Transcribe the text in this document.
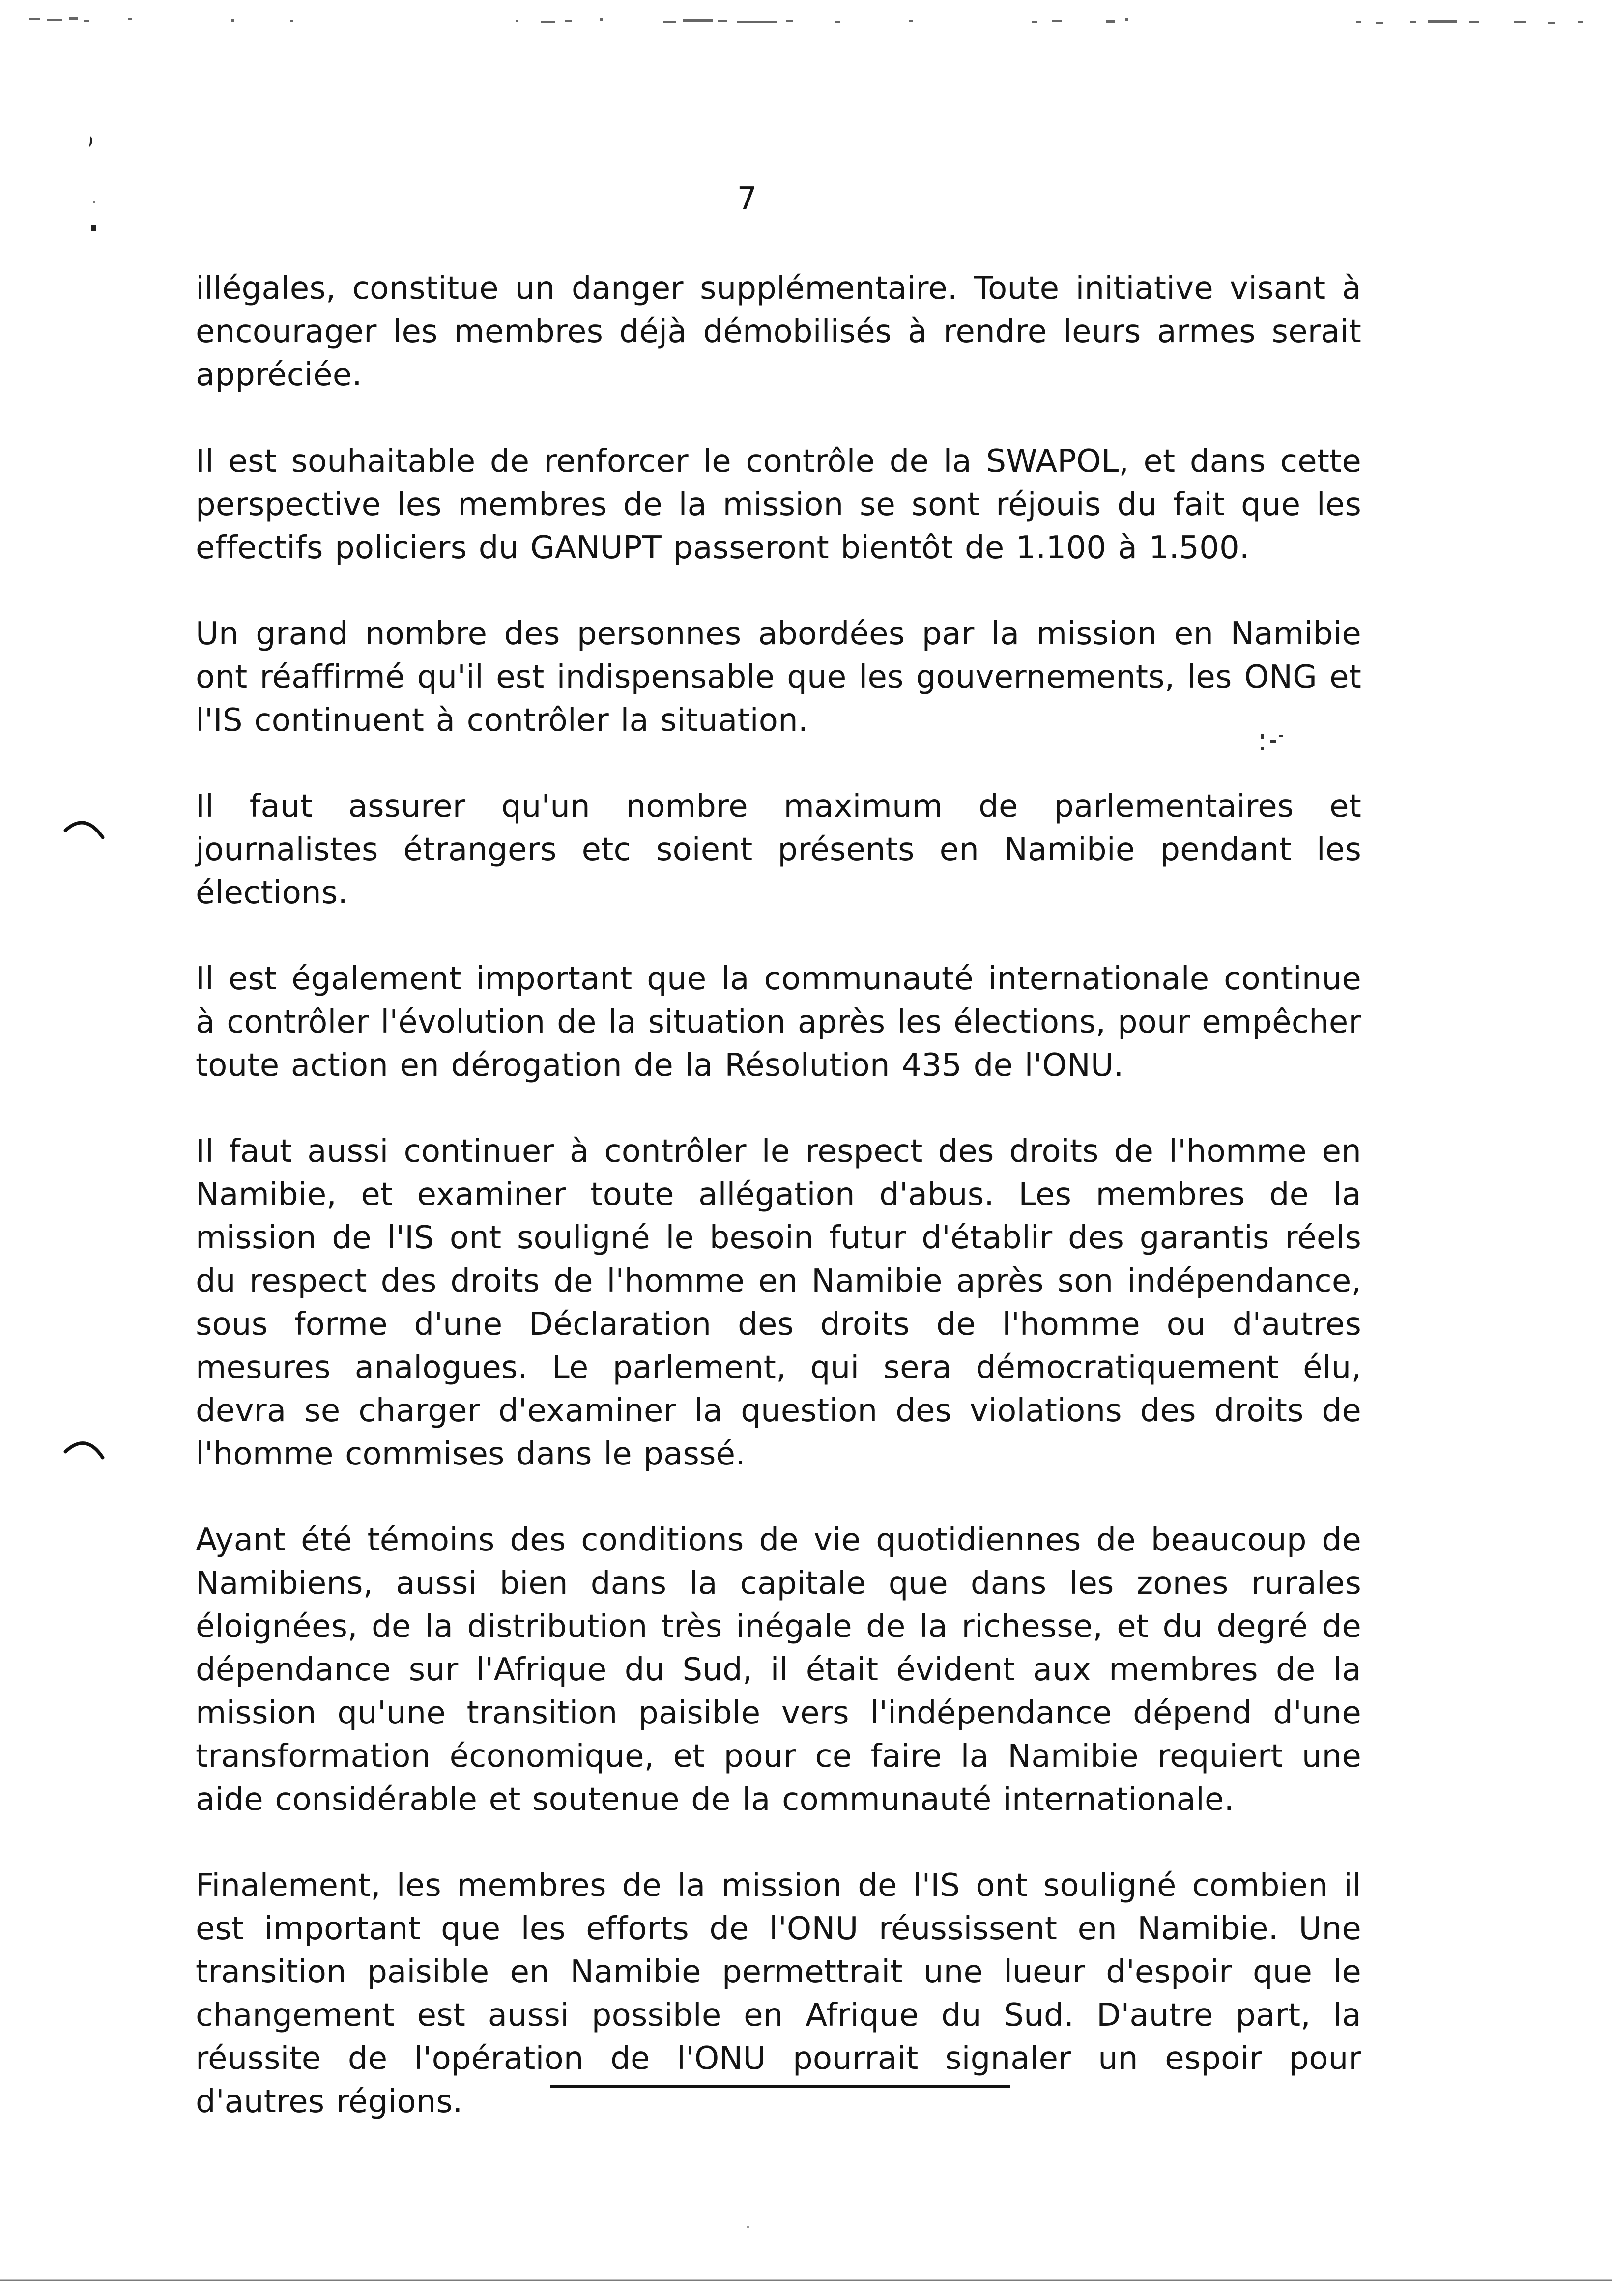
7

illégales, constitue un danger supplémentaire. Toute initiative visant à encourager les membres déjà démobilisés à rendre leurs armes serait appréciée.

Il est souhaitable de renforcer le contrôle de la SWAPOL, et dans cette perspective les membres de la mission se sont réjouis du fait que les effectifs policiers du GANUPT passeront bientôt de 1.100 à 1.500.

Un grand nombre des personnes abordées par la mission en Namibie ont réaffirmé qu'il est indispensable que les gouvernements, les ONG et l'IS continuent à contrôler la situation.

Il faut assurer qu'un nombre maximum de parlementaires et journalistes étrangers etc soient présents en Namibie pendant les élections.

Il est également important que la communauté internationale continue à contrôler l'évolution de la situation après les élections, pour empêcher toute action en dérogation de la Résolution 435 de l'ONU.

Il faut aussi continuer à contrôler le respect des droits de l'homme en Namibie, et examiner toute allégation d'abus. Les membres de la mission de l'IS ont souligné le besoin futur d'établir des garantis réels du respect des droits de l'homme en Namibie après son indépendance, sous forme d'une Déclaration des droits de l'homme ou d'autres mesures analogues. Le parlement, qui sera démocratiquement élu, devra se charger d'examiner la question des violations des droits de l'homme commises dans le passé.

Ayant été témoins des conditions de vie quotidiennes de beaucoup de Namibiens, aussi bien dans la capitale que dans les zones rurales éloignées, de la distribution très inégale de la richesse, et du degré de dépendance sur l'Afrique du Sud, il était évident aux membres de la mission qu'une transition paisible vers l'indépendance dépend d'une transformation économique, et pour ce faire la Namibie requiert une aide considérable et soutenue de la communauté internationale.

Finalement, les membres de la mission de l'IS ont souligné combien il est important que les efforts de l'ONU réussissent en Namibie. Une transition paisible en Namibie permettrait une lueur d'espoir que le changement est aussi possible en Afrique du Sud. D'autre part, la réussite de l'opération de l'ONU pourrait signaler un espoir pour d'autres régions.
